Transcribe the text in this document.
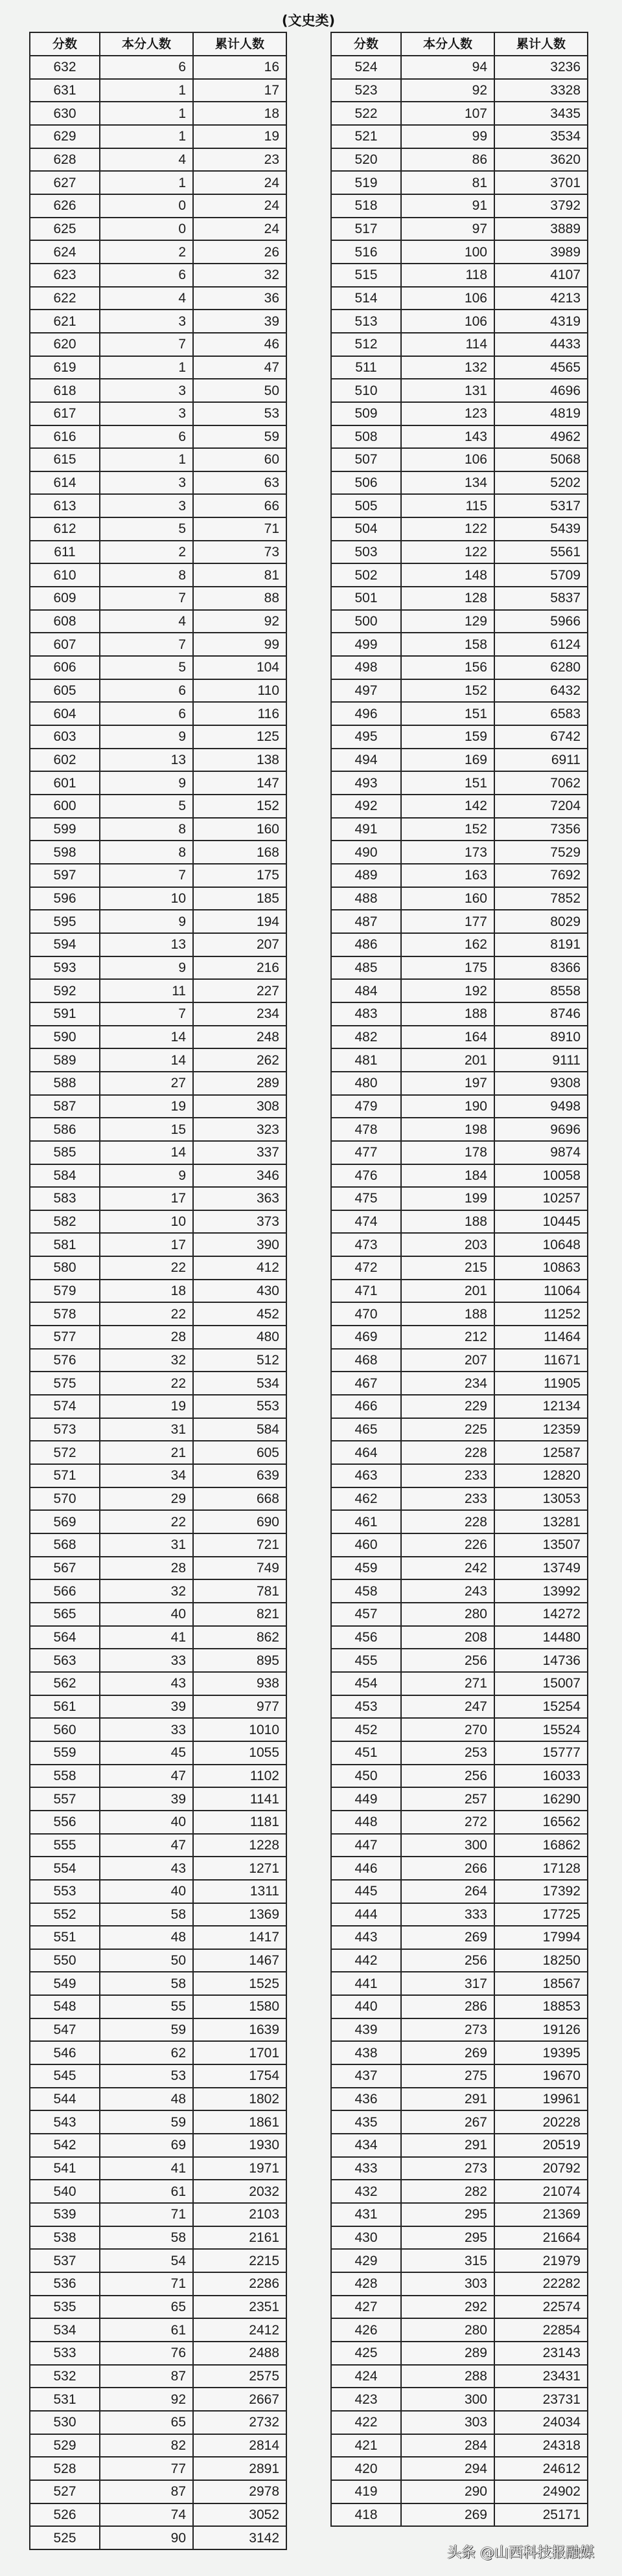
(文史类)
分数	本分人数	累计人数
632	6	16
631	1	17
630	1	18
629	1	19
628	4	23
627	1	24
626	0	24
625	0	24
624	2	26
623	6	32
622	4	36
621	3	39
620	7	46
619	1	47
618	3	50
617	3	53
616	6	59
615	1	60
614	3	63
613	3	66
612	5	71
611	2	73
610	8	81
609	7	88
608	4	92
607	7	99
606	5	104
605	6	110
604	6	116
603	9	125
602	13	138
601	9	147
600	5	152
599	8	160
598	8	168
597	7	175
596	10	185
595	9	194
594	13	207
593	9	216
592	11	227
591	7	234
590	14	248
589	14	262
588	27	289
587	19	308
586	15	323
585	14	337
584	9	346
583	17	363
582	10	373
581	17	390
580	22	412
579	18	430
578	22	452
577	28	480
576	32	512
575	22	534
574	19	553
573	31	584
572	21	605
571	34	639
570	29	668
569	22	690
568	31	721
567	28	749
566	32	781
565	40	821
564	41	862
563	33	895
562	43	938
561	39	977
560	33	1010
559	45	1055
558	47	1102
557	39	1141
556	40	1181
555	47	1228
554	43	1271
553	40	1311
552	58	1369
551	48	1417
550	50	1467
549	58	1525
548	55	1580
547	59	1639
546	62	1701
545	53	1754
544	48	1802
543	59	1861
542	69	1930
541	41	1971
540	61	2032
539	71	2103
538	58	2161
537	54	2215
536	71	2286
535	65	2351
534	61	2412
533	76	2488
532	87	2575
531	92	2667
530	65	2732
529	82	2814
528	77	2891
527	87	2978
526	74	3052
525	90	3142
分数	本分人数	累计人数
524	94	3236
523	92	3328
522	107	3435
521	99	3534
520	86	3620
519	81	3701
518	91	3792
517	97	3889
516	100	3989
515	118	4107
514	106	4213
513	106	4319
512	114	4433
511	132	4565
510	131	4696
509	123	4819
508	143	4962
507	106	5068
506	134	5202
505	115	5317
504	122	5439
503	122	5561
502	148	5709
501	128	5837
500	129	5966
499	158	6124
498	156	6280
497	152	6432
496	151	6583
495	159	6742
494	169	6911
493	151	7062
492	142	7204
491	152	7356
490	173	7529
489	163	7692
488	160	7852
487	177	8029
486	162	8191
485	175	8366
484	192	8558
483	188	8746
482	164	8910
481	201	9111
480	197	9308
479	190	9498
478	198	9696
477	178	9874
476	184	10058
475	199	10257
474	188	10445
473	203	10648
472	215	10863
471	201	11064
470	188	11252
469	212	11464
468	207	11671
467	234	11905
466	229	12134
465	225	12359
464	228	12587
463	233	12820
462	233	13053
461	228	13281
460	226	13507
459	242	13749
458	243	13992
457	280	14272
456	208	14480
455	256	14736
454	271	15007
453	247	15254
452	270	15524
451	253	15777
450	256	16033
449	257	16290
448	272	16562
447	300	16862
446	266	17128
445	264	17392
444	333	17725
443	269	17994
442	256	18250
441	317	18567
440	286	18853
439	273	19126
438	269	19395
437	275	19670
436	291	19961
435	267	20228
434	291	20519
433	273	20792
432	282	21074
431	295	21369
430	295	21664
429	315	21979
428	303	22282
427	292	22574
426	280	22854
425	289	23143
424	288	23431
423	300	23731
422	303	24034
421	284	24318
420	294	24612
419	290	24902
418	269	25171
头条 @山西科技报融媒
